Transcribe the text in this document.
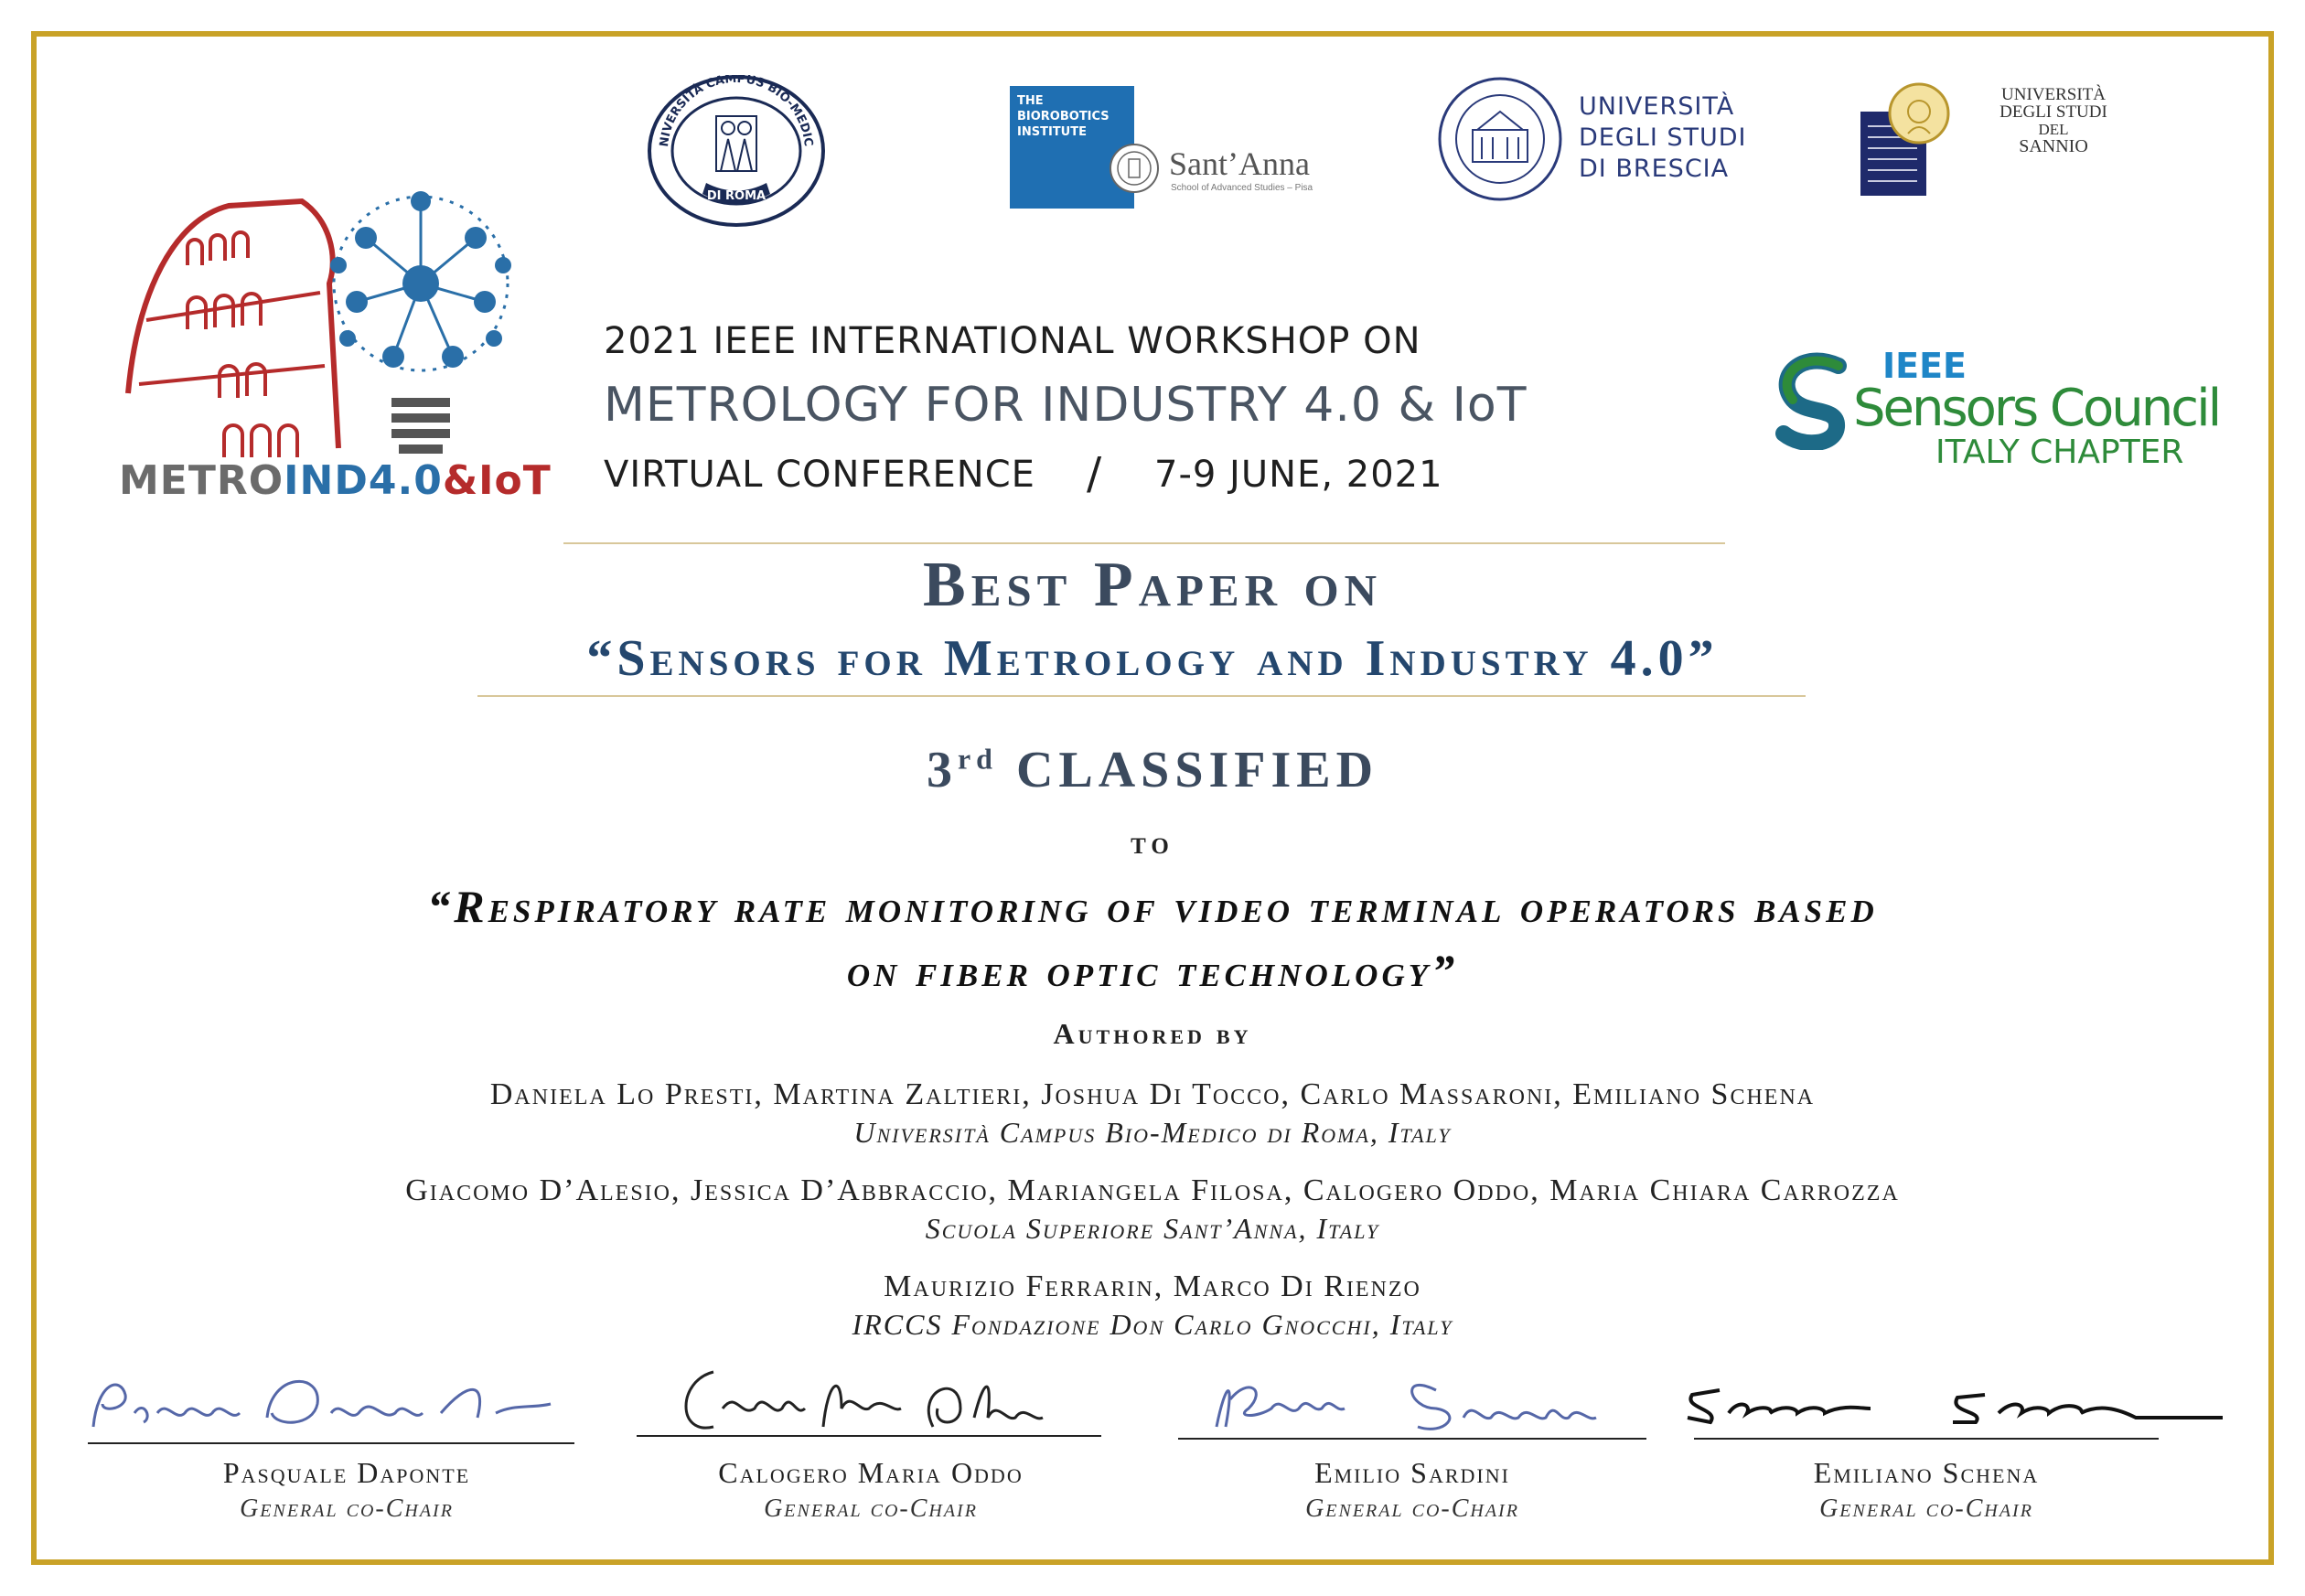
METROIND4.0&IoT
NIVERSITÀ CAMPUS BIO-MEDIC
DI ROMA
THE BIOROBOTICS
INSTITUTE
Sant’Anna
School of Advanced Studies – Pisa
UNIVERSITÀ
DEGLI STUDI
DI BRESCIA
UNIVERSITÀ
DEGLI STUDI
DEL
SANNIO
IEEE
Sensors Council
ITALY CHAPTER
2021 IEEE INTERNATIONAL WORKSHOP ON
METROLOGY FOR INDUSTRY 4.0 & IoT
VIRTUAL CONFERENCE / 7-9 JUNE, 2021
Best Paper on
“Sensors for Metrology and Industry 4.0”
3rd CLASSIFIED
to
“Respiratory rate monitoring of video terminal operators based
on fiber optic technology”
Authored by
Daniela Lo Presti, Martina Zaltieri, Joshua Di Tocco, Carlo Massaroni, Emiliano Schena
Università Campus Bio-Medico di Roma, Italy
Giacomo D’Alesio, Jessica D’Abbraccio, Mariangela Filosa, Calogero Oddo, Maria Chiara Carrozza
Scuola Superiore Sant’Anna, Italy
Maurizio Ferrarin, Marco Di Rienzo
IRCCS Fondazione Don Carlo Gnocchi, Italy
Pasquale Daponte
General co-Chair
Calogero Maria Oddo
General co-Chair
Emilio Sardini
General co-Chair
Emiliano Schena
General co-Chair
